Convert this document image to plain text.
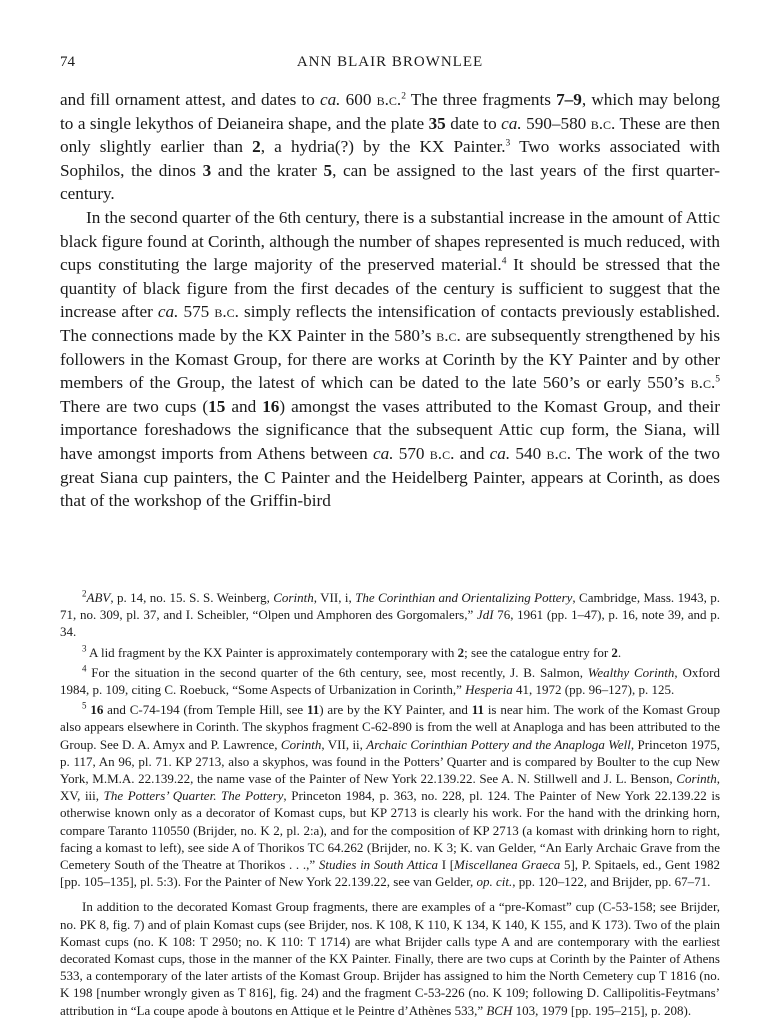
74	ANN BLAIR BROWNLEE

and fill ornament attest, and dates to ca. 600 b.c.$^2$ The three fragments 7–9, which may belong to a single lekythos of Deianeira shape, and the plate 35 date to ca. 590–580 b.c. These are then only slightly earlier than 2, a hydria(?) by the KX Painter.$^3$ Two works associated with Sophilos, the dinos 3 and the krater 5, can be assigned to the last years of the first quarter-century.

In the second quarter of the 6th century, there is a substantial increase in the amount of Attic black figure found at Corinth, although the number of shapes represented is much reduced, with cups constituting the large majority of the preserved material.$^4$ It should be stressed that the quantity of black figure from the first decades of the century is sufficient to suggest that the increase after ca. 575 b.c. simply reflects the intensification of contacts previously established. The connections made by the KX Painter in the 580’s b.c. are subsequently strengthened by his followers in the Komast Group, for there are works at Corinth by the KY Painter and by other members of the Group, the latest of which can be dated to the late 560’s or early 550’s b.c.$^5$ There are two cups (15 and 16) amongst the vases attributed to the Komast Group, and their importance foreshadows the significance that the subsequent Attic cup form, the Siana, will have amongst imports from Athens between ca. 570 b.c. and ca. 540 b.c. The work of the two great Siana cup painters, the C Painter and the Heidelberg Painter, appears at Corinth, as does that of the workshop of the Griffin-bird

$^2$ABV, p. 14, no. 15. S. S. Weinberg, Corinth, VII, i, The Corinthian and Orientalizing Pottery, Cambridge, Mass. 1943, p. 71, no. 309, pl. 37, and I. Scheibler, “Olpen und Amphoren des Gorgomalers,” JdI 76, 1961 (pp. 1–47), p. 16, note 39, and p. 34.

$^3$ A lid fragment by the KX Painter is approximately contemporary with 2; see the catalogue entry for 2.

$^4$ For the situation in the second quarter of the 6th century, see, most recently, J. B. Salmon, Wealthy Corinth, Oxford 1984, p. 109, citing C. Roebuck, “Some Aspects of Urbanization in Corinth,” Hesperia 41, 1972 (pp. 96–127), p. 125.

$^5$ 16 and C-74-194 (from Temple Hill, see 11) are by the KY Painter, and 11 is near him. The work of the Komast Group also appears elsewhere in Corinth. The skyphos fragment C-62-890 is from the well at Anaploga and has been attributed to the Group. See D. A. Amyx and P. Lawrence, Corinth, VII, ii, Archaic Corinthian Pottery and the Anaploga Well, Princeton 1975, p. 117, An 96, pl. 71. KP 2713, also a skyphos, was found in the Potters’ Quarter and is compared by Boulter to the cup New York, M.M.A. 22.139.22, the name vase of the Painter of New York 22.139.22. See A. N. Stillwell and J. L. Benson, Corinth, XV, iii, The Potters’ Quarter. The Pottery, Princeton 1984, p. 363, no. 228, pl. 124. The Painter of New York 22.139.22 is otherwise known only as a decorator of Komast cups, but KP 2713 is clearly his work. For the hand with the drinking horn, compare Taranto 110550 (Brijder, no. K 2, pl. 2:a), and for the composition of KP 2713 (a komast with drinking horn to right, facing a komast to left), see side A of Thorikos TC 64.262 (Brijder, no. K 3; K. van Gelder, “An Early Archaic Grave from the Cemetery South of the Theatre at Thorikos . . .,” Studies in South Attica I [Miscellanea Graeca 5], P. Spitaels, ed., Gent 1982 [pp. 105–135], pl. 5:3). For the Painter of New York 22.139.22, see van Gelder, op. cit., pp. 120–122, and Brijder, pp. 67–71.

In addition to the decorated Komast Group fragments, there are examples of a “pre-Komast” cup (C-53-158; see Brijder, no. PK 8, fig. 7) and of plain Komast cups (see Brijder, nos. K 108, K 110, K 134, K 140, K 155, and K 173). Two of the plain Komast cups (no. K 108: T 2950; no. K 110: T 1714) are what Brijder calls type A and are contemporary with the earliest decorated Komast cups, those in the manner of the KX Painter. Finally, there are two cups at Corinth by the Painter of Athens 533, a contemporary of the later artists of the Komast Group. Brijder has assigned to him the North Cemetery cup T 1816 (no. K 198 [number wrongly given as T 816], fig. 24) and the fragment C-53-226 (no. K 109; following D. Callipolitis-Feytmans’ attribution in “La coupe apode à boutons en Attique et le Peintre d’Athènes 533,” BCH 103, 1979 [pp. 195–215], p. 208).
